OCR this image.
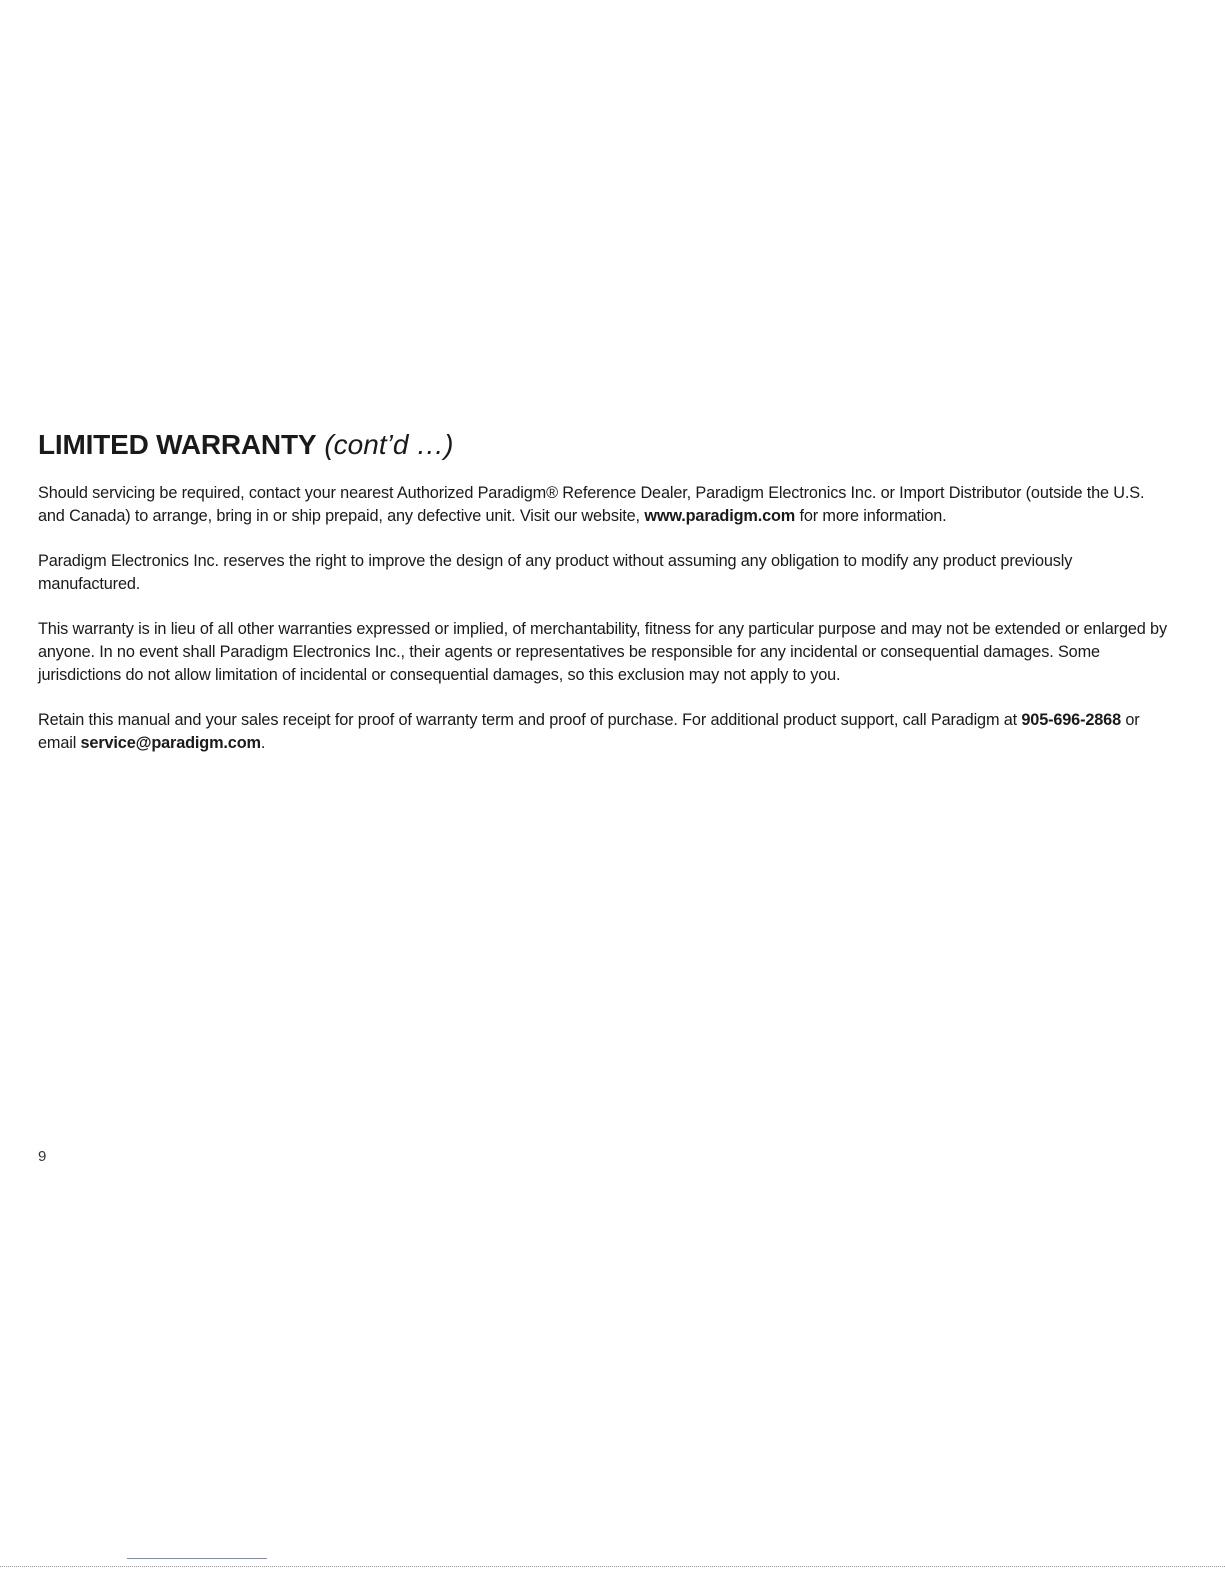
LIMITED WARRANTY (cont’d …)

Should servicing be required, contact your nearest Authorized Paradigm® Reference Dealer, Paradigm Electronics Inc. or Import Distributor (outside the U.S. and Canada) to arrange, bring in or ship prepaid, any defective unit. Visit our website, www.paradigm.com for more information.

Paradigm Electronics Inc. reserves the right to improve the design of any product without assuming any obligation to modify any product previously manufactured.

This warranty is in lieu of all other warranties expressed or implied, of merchantability, fitness for any particular purpose and may not be extended or enlarged by anyone. In no event shall Paradigm Electronics Inc., their agents or representatives be responsible for any incidental or consequential damages. Some jurisdictions do not allow limitation of incidental or consequential damages, so this exclusion may not apply to you.

Retain this manual and your sales receipt for proof of warranty term and proof of purchase. For additional product support, call Paradigm at 905-696-2868 or email service@paradigm.com.

9
